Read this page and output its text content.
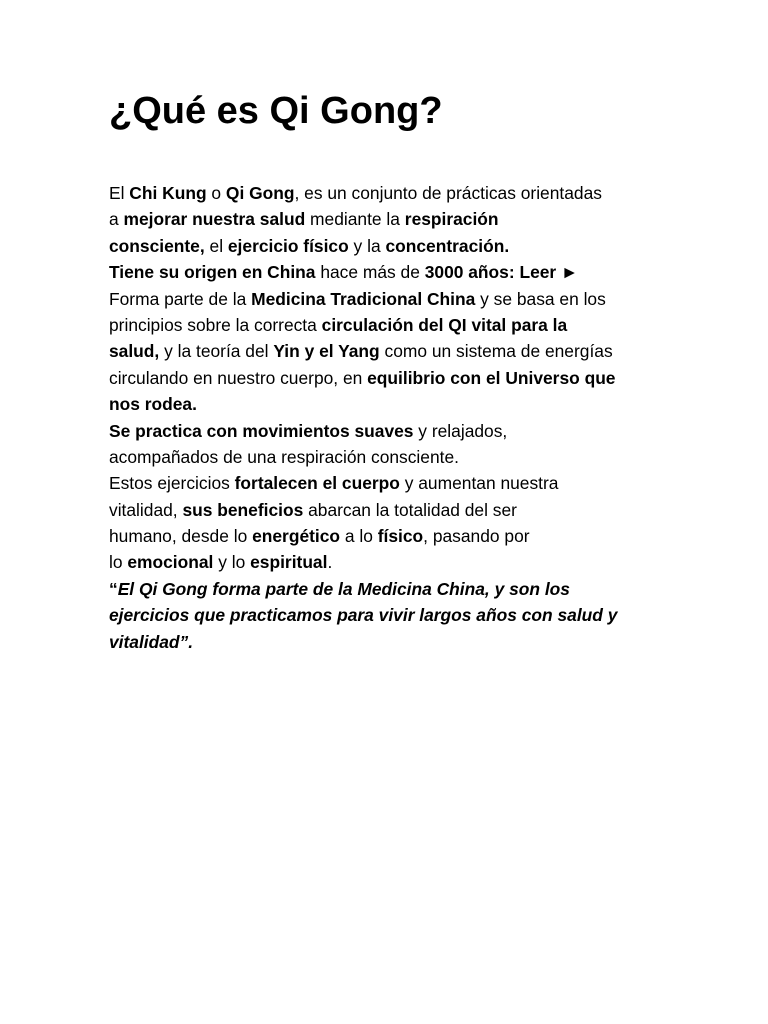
¿Qué es Qi Gong?
El Chi Kung o Qi Gong, es un conjunto de prácticas orientadas
a mejorar nuestra salud mediante la respiración
consciente, el ejercicio físico y la concentración.
Tiene su origen en China hace más de 3000 años: Leer ►
Forma parte de la Medicina Tradicional China y se basa en los
principios sobre la correcta circulación del QI vital para la
salud, y la teoría del Yin y el Yang como un sistema de energías
circulando en nuestro cuerpo, en equilibrio con el Universo que
nos rodea.
Se practica con movimientos suaves y relajados,
acompañados de una respiración consciente.
Estos ejercicios fortalecen el cuerpo y aumentan nuestra
vitalidad, sus beneficios abarcan la totalidad del ser
humano, desde lo energético a lo físico, pasando por
lo emocional y lo espiritual.
“El Qi Gong forma parte de la Medicina China, y son los
ejercicios que practicamos para vivir largos años con salud y
vitalidad”.
